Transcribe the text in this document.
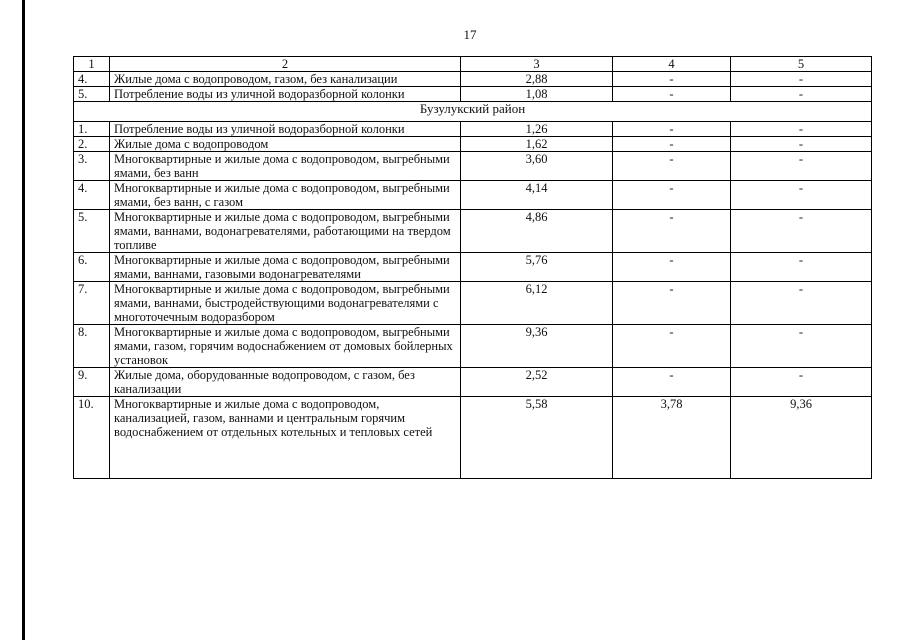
17
1	2	3	4	5
4.	Жилые дома с водопроводом, газом, без канализации	2,88	-	-
5.	Потребление воды из уличной водоразборной колонки	1,08	-	-
Бузулукский район				
1.	Потребление воды из уличной водоразборной колонки	1,26	-	-
2.	Жилые дома с водопроводом	1,62	-	-
3.	Многоквартирные и жилые дома с водопроводом, выгребными ямами, без ванн	3,60	-	-
4.	Многоквартирные и жилые дома с водопроводом, выгребными ямами, без ванн, с газом	4,14	-	-
5.	Многоквартирные и жилые дома с водопроводом, выгребными ямами, ваннами, водонагревателями, работающими на твердом топливе	4,86	-	-
6.	Многоквартирные и жилые дома с водопроводом, выгребными ямами, ваннами, газовыми водонагревателями	5,76	-	-
7.	Многоквартирные и жилые дома с водопроводом, выгребными ямами, ваннами, быстродействующими водонагревателями с многоточечным водоразбором	6,12	-	-
8.	Многоквартирные и жилые дома с водопроводом, выгребными ямами, газом, горячим водоснабжением от домовых бойлерных установок	9,36	-	-
9.	Жилые дома, оборудованные водопроводом, с газом, без канализации	2,52	-	-
10.	Многоквартирные и жилые дома с водопроводом, канализацией, газом, ваннами и центральным горячим водоснабжением от отдельных котельных и тепловых сетей	5,58	3,78	9,36
